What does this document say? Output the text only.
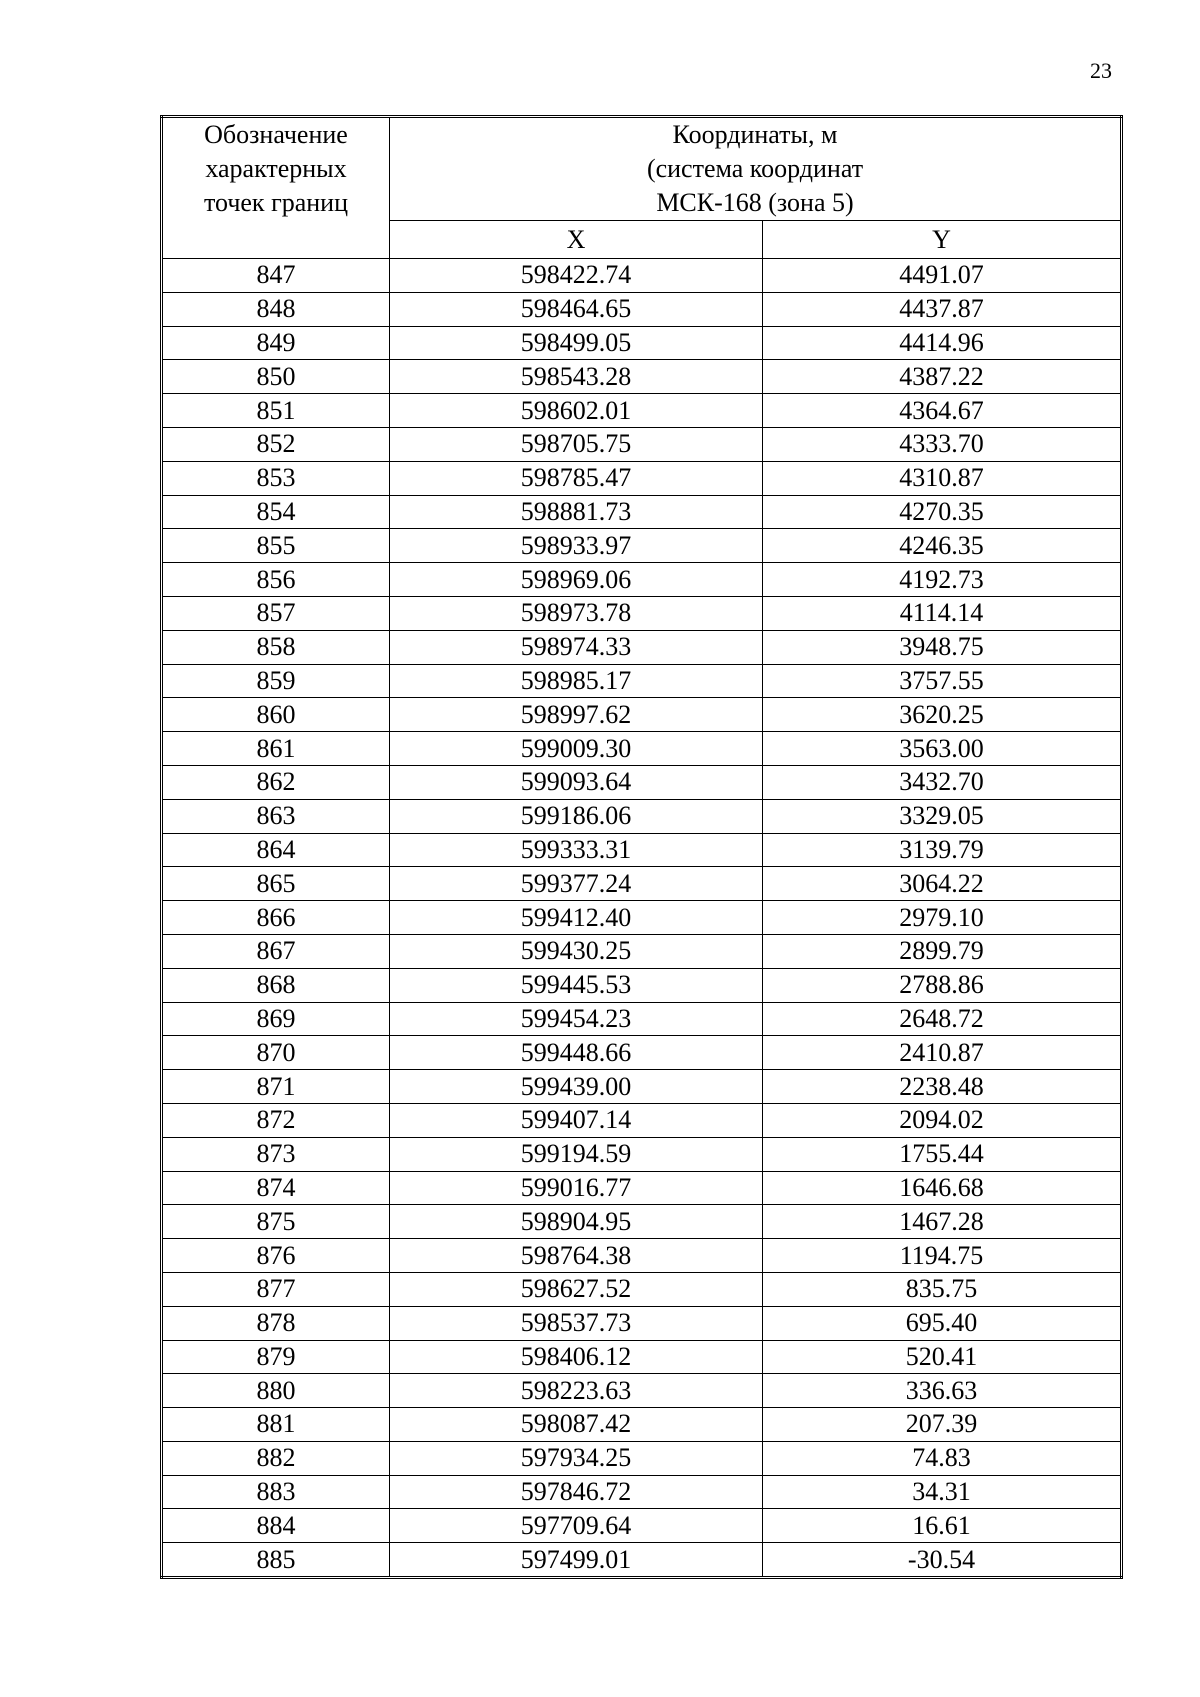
23
Обозначение
характерных
точек границ	Координаты, м
(система координат
МСК-168 (зона 5)	

	X	Y
847	598422.74	4491.07
848	598464.65	4437.87
849	598499.05	4414.96
850	598543.28	4387.22
851	598602.01	4364.67
852	598705.75	4333.70
853	598785.47	4310.87
854	598881.73	4270.35
855	598933.97	4246.35
856	598969.06	4192.73
857	598973.78	4114.14
858	598974.33	3948.75
859	598985.17	3757.55
860	598997.62	3620.25
861	599009.30	3563.00
862	599093.64	3432.70
863	599186.06	3329.05
864	599333.31	3139.79
865	599377.24	3064.22
866	599412.40	2979.10
867	599430.25	2899.79
868	599445.53	2788.86
869	599454.23	2648.72
870	599448.66	2410.87
871	599439.00	2238.48
872	599407.14	2094.02
873	599194.59	1755.44
874	599016.77	1646.68
875	598904.95	1467.28
876	598764.38	1194.75
877	598627.52	835.75
878	598537.73	695.40
879	598406.12	520.41
880	598223.63	336.63
881	598087.42	207.39
882	597934.25	74.83
883	597846.72	34.31
884	597709.64	16.61
885	597499.01	-30.54
